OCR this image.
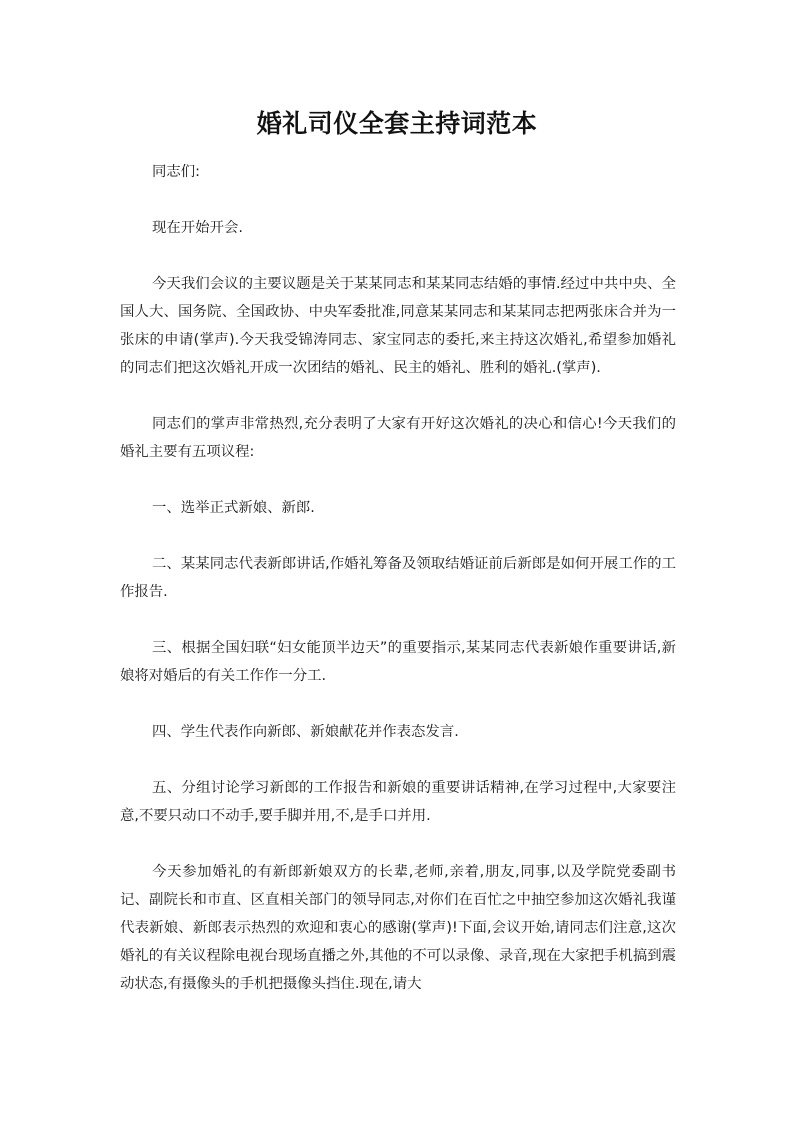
婚礼司仪全套主持词范本

同志们:

现在开始开会.

今天我们会议的主要议题是关于某某同志和某某同志结婚的事情.经过中共中央、全国人大、国务院、全国政协、中央军委批准,同意某某同志和某某同志把两张床合并为一张床的申请(掌声).今天我受锦涛同志、家宝同志的委托,来主持这次婚礼,希望参加婚礼的同志们把这次婚礼开成一次团结的婚礼、民主的婚礼、胜利的婚礼.(掌声).

同志们的掌声非常热烈,充分表明了大家有开好这次婚礼的决心和信心!今天我们的婚礼主要有五项议程:

一、选举正式新娘、新郎.

二、某某同志代表新郎讲话,作婚礼筹备及领取结婚证前后新郎是如何开展工作的工作报告.

三、根据全国妇联“妇女能顶半边天”的重要指示,某某同志代表新娘作重要讲话,新娘将对婚后的有关工作作一分工.

四、学生代表作向新郎、新娘献花并作表态发言.

五、分组讨论学习新郎的工作报告和新娘的重要讲话精神,在学习过程中,大家要注意,不要只动口不动手,要手脚并用,不,是手口并用.

今天参加婚礼的有新郎新娘双方的长辈,老师,亲着,朋友,同事,以及学院党委副书记、副院长和市直、区直相关部门的领导同志,对你们在百忙之中抽空参加这次婚礼我谨代表新娘、新郎表示热烈的欢迎和衷心的感谢(掌声)!下面,会议开始,请同志们注意,这次婚礼的有关议程除电视台现场直播之外,其他的不可以录像、录音,现在大家把手机搞到震动状态,有摄像头的手机把摄像头挡住.现在,请大
